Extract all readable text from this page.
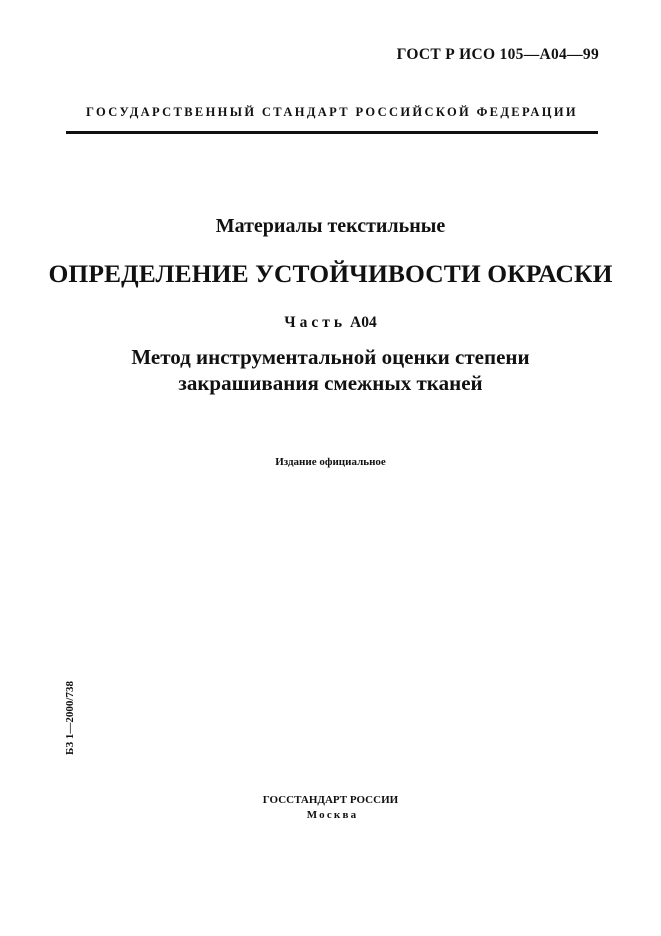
ГОСТ Р ИСО 105—А04—99
ГОСУДАРСТВЕННЫЙ СТАНДАРТ РОССИЙСКОЙ ФЕДЕРАЦИИ
Материалы текстильные
ОПРЕДЕЛЕНИЕ УСТОЙЧИВОСТИ ОКРАСКИ
Часть А04
Метод инструментальной оценки степени
закрашивания смежных тканей
Издание официальное
БЗ 1—2000/738
ГОССТАНДАРТ РОССИИ
Москва
